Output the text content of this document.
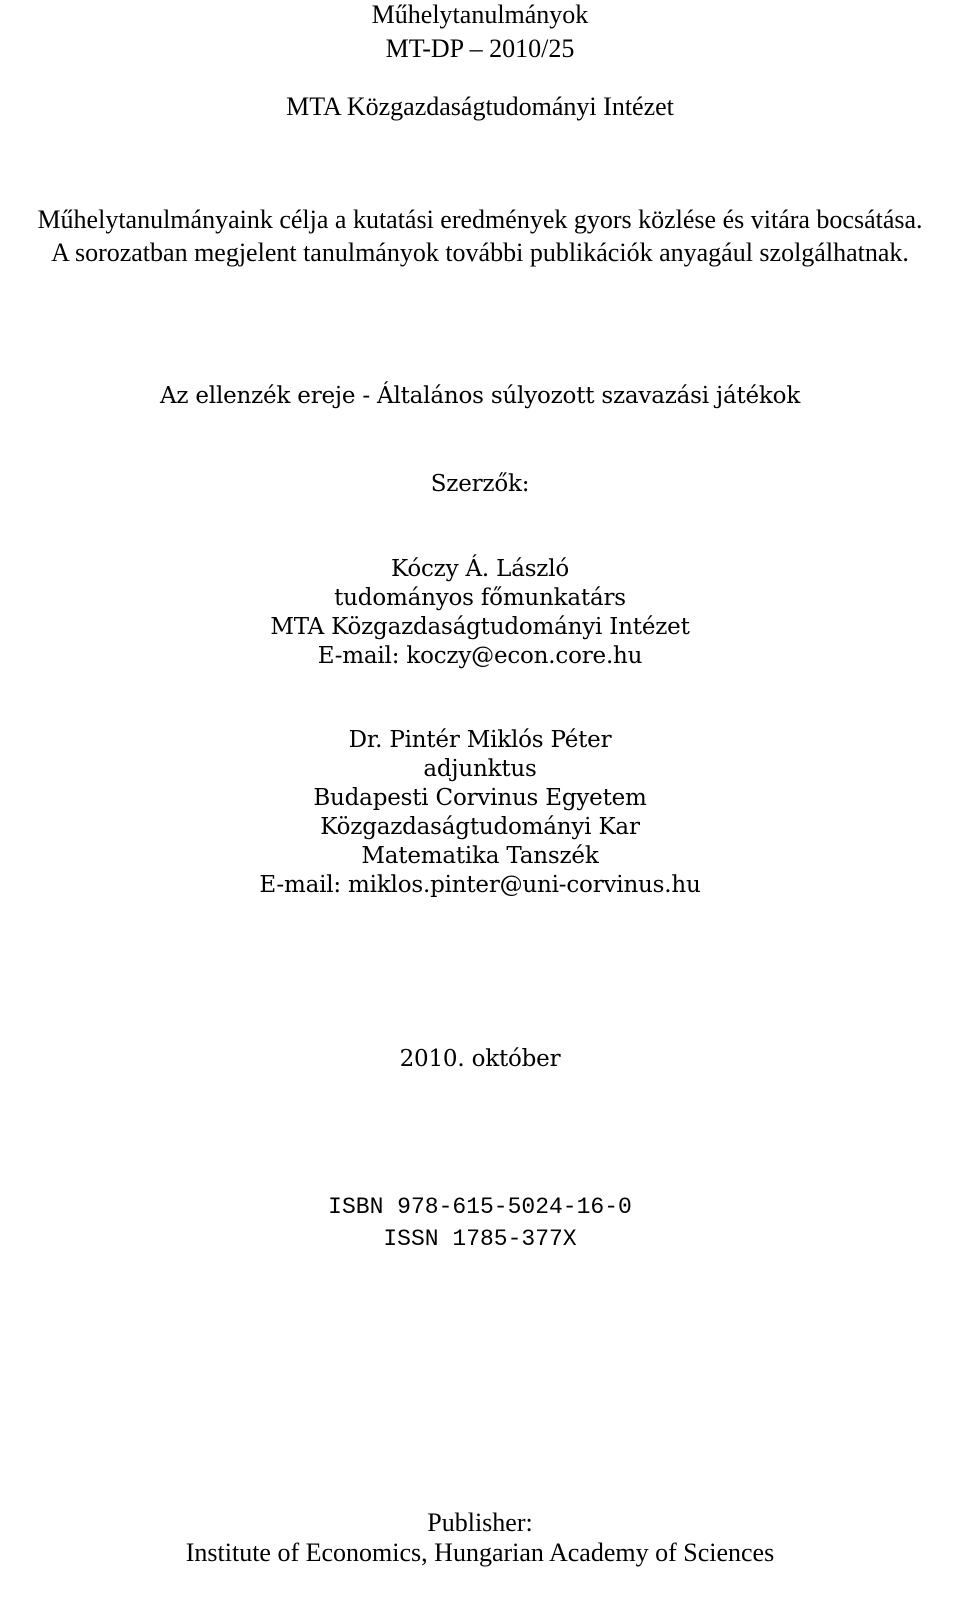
Műhelytanulmányok
MT-DP – 2010/25
MTA Közgazdaságtudományi Intézet
Műhelytanulmányaink célja a kutatási eredmények gyors közlése és vitára bocsátása.
A sorozatban megjelent tanulmányok további publikációk anyagául szolgálhatnak.
Az ellenzék ereje - Általános súlyozott szavazási játékok
Szerzők:
Kóczy Á. László
tudományos főmunkatárs
MTA Közgazdaságtudományi Intézet
E-mail: koczy@econ.core.hu
Dr. Pintér Miklós Péter
adjunktus
Budapesti Corvinus Egyetem
Közgazdaságtudományi Kar
Matematika Tanszék
E-mail: miklos.pinter@uni-corvinus.hu
2010. október
ISBN 978-615-5024-16-0
ISSN 1785-377X
Publisher:
Institute of Economics, Hungarian Academy of Sciences
